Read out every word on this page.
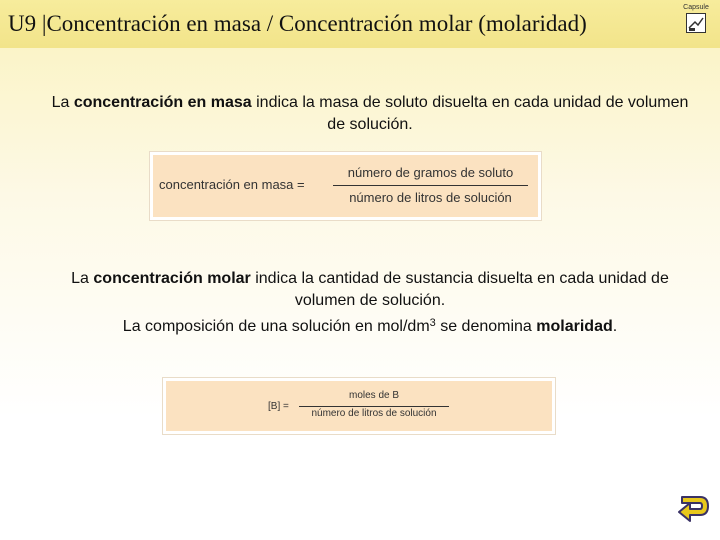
U9 |Concentración en masa / Concentración molar (molaridad)
Capsule
La concentración en masa indica la masa de soluto disuelta en cada unidad de volumen de solución.
concentración en masa =
número de gramos de soluto
número de litros de solución
La concentración molar indica la cantidad de sustancia disuelta en cada unidad de volumen de solución.
La composición de una solución en mol/$dm^3$ se denomina molaridad.
[B] =
moles de B
número de litros de solución
